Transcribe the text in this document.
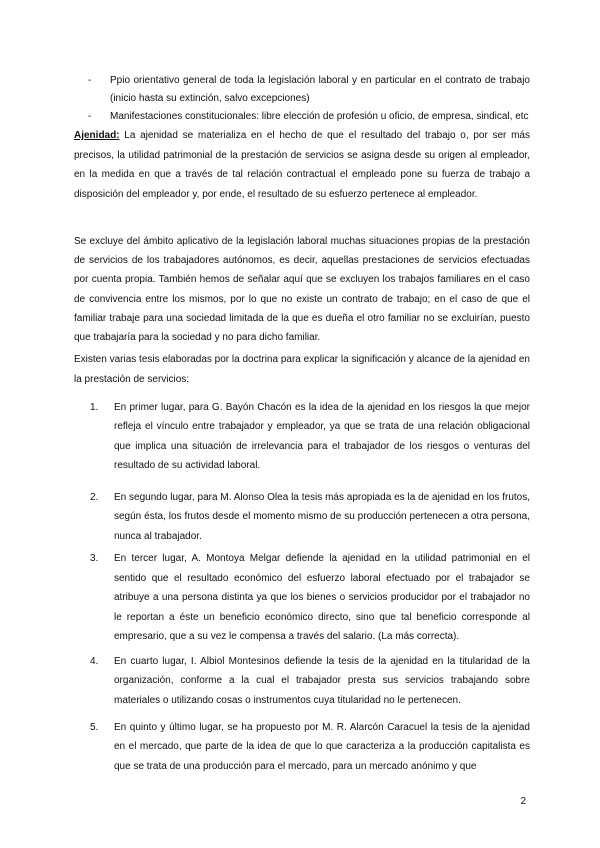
- Ppio orientativo general de toda la legislación laboral y en particular en el contrato de trabajo (inicio hasta su extinción, salvo excepciones)
- Manifestaciones constitucionales: libre elección de profesión u oficio, de empresa, sindical, etc

Ajenidad: La ajenidad se materializa en el hecho de que el resultado del trabajo o, por ser más precisos, la utilidad patrimonial de la prestación de servicios se asigna desde su origen al empleador, en la medida en que a través de tal relación contractual el empleado pone su fuerza de trabajo a disposición del empleador y, por ende, el resultado de su esfuerzo pertenece al empleador.

Se excluye del ámbito aplicativo de la legislación laboral muchas situaciones propias de la prestación de servicios de los trabajadores autónomos, es decir, aquellas prestaciones de servicios efectuadas por cuenta propia. También hemos de señalar aquí que se excluyen los trabajos familiares en el caso de convivencia entre los mismos, por lo que no existe un contrato de trabajo; en el caso de que el familiar trabaje para una sociedad limitada de la que es dueña el otro familiar no se excluirían, puesto que trabajaría para la sociedad y no para dicho familiar.

Existen varias tesis elaboradas por la doctrina para explicar la significación y alcance de la ajenidad en la prestación de servicios:

1. En primer lugar, para G. Bayón Chacón es la idea de la ajenidad en los riesgos la que mejor refleja el vínculo entre trabajador y empleador, ya que se trata de una relación obligacional que implica una situación de irrelevancia para el trabajador de los riesgos o venturas del resultado de su actividad laboral.
2. En segundo lugar, para M. Alonso Olea la tesis más apropiada es la de ajenidad en los frutos, según ésta, los frutos desde el momento mismo de su producción pertenecen a otra persona, nunca al trabajador.
3. En tercer lugar, A. Montoya Melgar defiende la ajenidad en la utilidad patrimonial en el sentido que el resultado económico del esfuerzo laboral efectuado por el trabajador se atribuye a una persona distinta ya que los bienes o servicios producidor por el trabajador no le reportan a éste un beneficio económico directo, sino que tal beneficio corresponde al empresario, que a su vez le compensa a través del salario. (La más correcta).
4. En cuarto lugar, I. Albiol Montesinos defiende la tesis de la ajenidad en la titularidad de la organización, conforme a la cual el trabajador presta sus servicios trabajando sobre materiales o utilizando cosas o instrumentos cuya titularidad no le pertenecen.
5. En quinto y último lugar, se ha propuesto por M. R. Alarcón Caracuel la tesis de la ajenidad en el mercado, que parte de la idea de que lo que caracteriza a la producción capitalista es que se trata de una producción para el mercado, para un mercado anónimo y que
2
